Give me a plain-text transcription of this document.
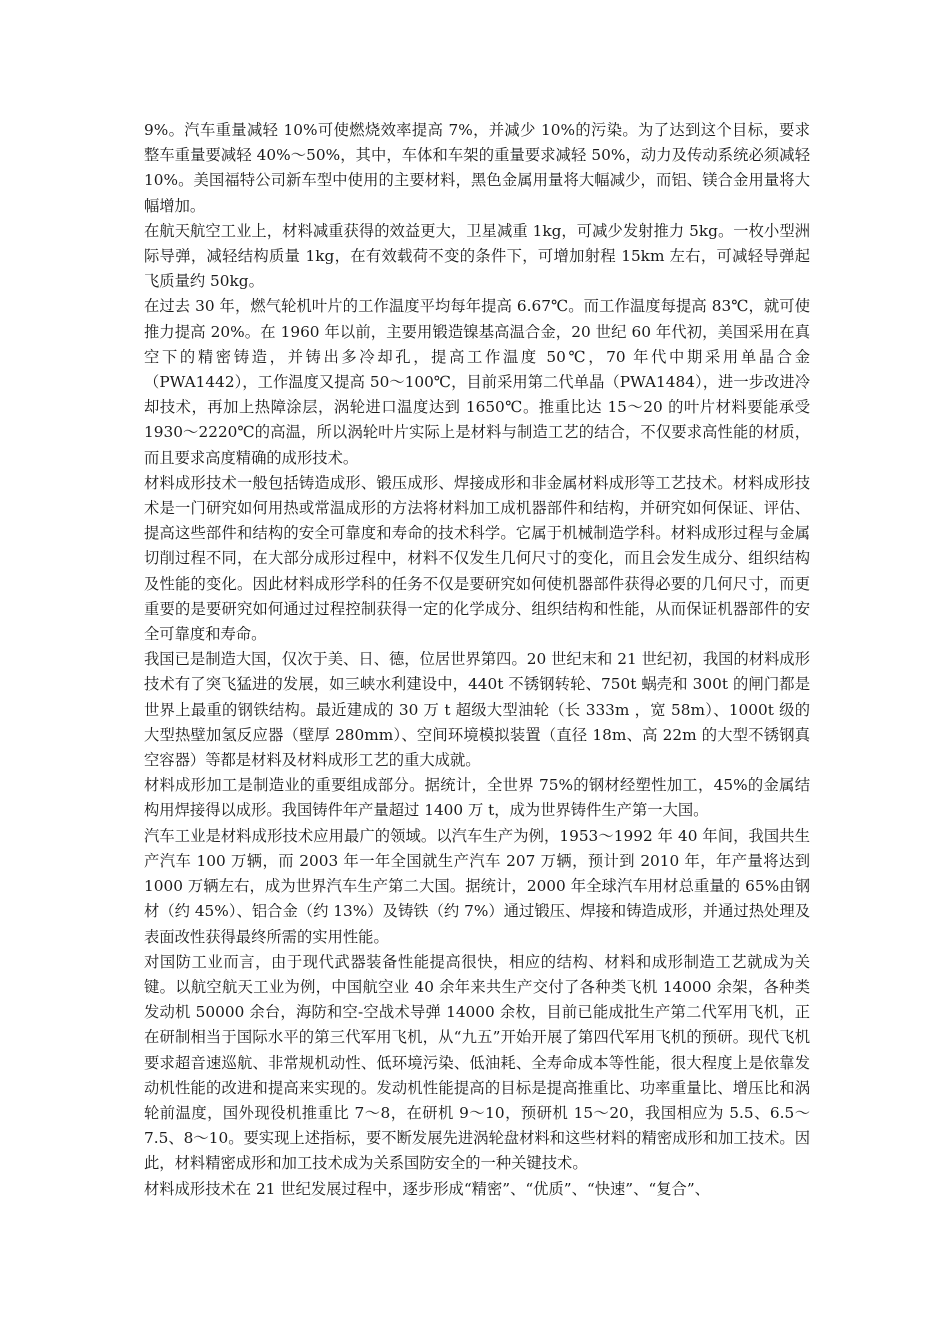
9%。汽车重量减轻 10%可使燃烧效率提高 7%，并减少 10%的污染。为了达到这个目标，要求整车重量要减轻 40%～50%，其中，车体和车架的重量要求减轻 50%，动力及传动系统必须减轻 10%。美国福特公司新车型中使用的主要材料，黑色金属用量将大幅减少，而铝、镁合金用量将大幅增加。

在航天航空工业上，材料减重获得的效益更大，卫星减重 1kg，可减少发射推力 5kg。一枚小型洲际导弹，减轻结构质量 1kg，在有效载荷不变的条件下，可增加射程 15km 左右，可减轻导弹起飞质量约 50kg。

在过去 30 年，燃气轮机叶片的工作温度平均每年提高 6.67℃。而工作温度每提高 83℃，就可使推力提高 20%。在 1960 年以前，主要用锻造镍基高温合金，20 世纪 60 年代初，美国采用在真空下的精密铸造，并铸出多冷却孔，提高工作温度 50℃，70 年代中期采用单晶合金（PWA1442），工作温度又提高 50～100℃，目前采用第二代单晶（PWA1484），进一步改进冷却技术，再加上热障涂层，涡轮进口温度达到 1650℃。推重比达 15～20 的叶片材料要能承受 1930～2220℃的高温，所以涡轮叶片实际上是材料与制造工艺的结合，不仅要求高性能的材质，而且要求高度精确的成形技术。

材料成形技术一般包括铸造成形、锻压成形、焊接成形和非金属材料成形等工艺技术。材料成形技术是一门研究如何用热或常温成形的方法将材料加工成机器部件和结构，并研究如何保证、评估、提高这些部件和结构的安全可靠度和寿命的技术科学。它属于机械制造学科。材料成形过程与金属切削过程不同，在大部分成形过程中，材料不仅发生几何尺寸的变化，而且会发生成分、组织结构及性能的变化。因此材料成形学科的任务不仅是要研究如何使机器部件获得必要的几何尺寸，而更重要的是要研究如何通过过程控制获得一定的化学成分、组织结构和性能，从而保证机器部件的安全可靠度和寿命。

我国已是制造大国，仅次于美、日、德，位居世界第四。20 世纪末和 21 世纪初，我国的材料成形技术有了突飞猛进的发展，如三峡水利建设中，440t 不锈钢转轮、750t 蜗壳和 300t 的闸门都是世界上最重的钢铁结构。最近建成的 30 万 t 超级大型油轮（长 333m ，宽 58m）、1000t 级的大型热壁加氢反应器（壁厚 280mm）、空间环境模拟装置（直径 18m、高 22m 的大型不锈钢真空容器）等都是材料及材料成形工艺的重大成就。

材料成形加工是制造业的重要组成部分。据统计，全世界 75%的钢材经塑性加工，45%的金属结构用焊接得以成形。我国铸件年产量超过 1400 万 t，成为世界铸件生产第一大国。

汽车工业是材料成形技术应用最广的领域。以汽车生产为例，1953～1992 年 40 年间，我国共生产汽车 100 万辆，而 2003 年一年全国就生产汽车 207 万辆，预计到 2010 年，年产量将达到 1000 万辆左右，成为世界汽车生产第二大国。据统计，2000 年全球汽车用材总重量的 65%由钢材（约 45%）、铝合金（约 13%）及铸铁（约 7%）通过锻压、焊接和铸造成形，并通过热处理及表面改性获得最终所需的实用性能。

对国防工业而言，由于现代武器装备性能提高很快，相应的结构、材料和成形制造工艺就成为关键。以航空航天工业为例，中国航空业 40 余年来共生产交付了各种类飞机 14000 余架，各种类发动机 50000 余台，海防和空-空战术导弹 14000 余枚，目前已能成批生产第二代军用飞机，正在研制相当于国际水平的第三代军用飞机，从“九五”开始开展了第四代军用飞机的预研。现代飞机要求超音速巡航、非常规机动性、低环境污染、低油耗、全寿命成本等性能，很大程度上是依靠发动机性能的改进和提高来实现的。发动机性能提高的目标是提高推重比、功率重量比、增压比和涡轮前温度，国外现役机推重比 7～8，在研机 9～10，预研机 15～20，我国相应为 5.5、6.5～7.5、8～10。要实现上述指标，要不断发展先进涡轮盘材料和这些材料的精密成形和加工技术。因此，材料精密成形和加工技术成为关系国防安全的一种关键技术。

材料成形技术在 21 世纪发展过程中，逐步形成“精密”、“优质”、“快速”、“复合”、
